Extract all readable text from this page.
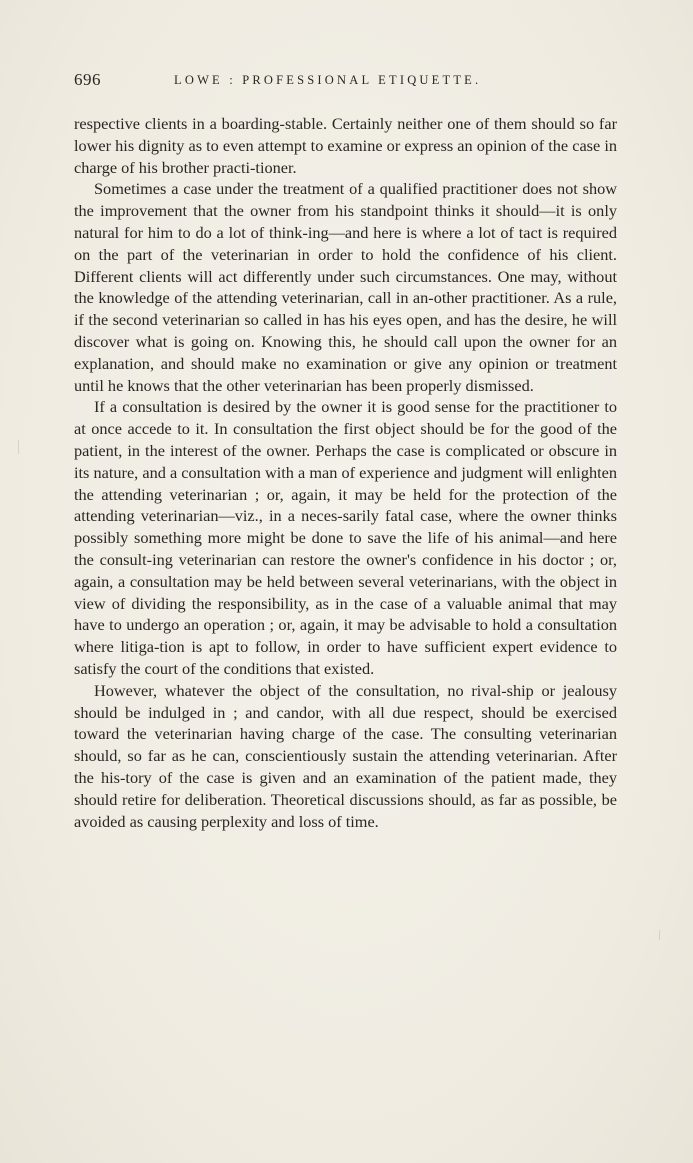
696	LOWE : PROFESSIONAL ETIQUETTE.

respective clients in a boarding-stable. Certainly neither one of them should so far lower his dignity as to even attempt to examine or express an opinion of the case in charge of his brother practi-tioner.

Sometimes a case under the treatment of a qualified practitioner does not show the improvement that the owner from his standpoint thinks it should—it is only natural for him to do a lot of think-ing—and here is where a lot of tact is required on the part of the veterinarian in order to hold the confidence of his client. Different clients will act differently under such circumstances. One may, without the knowledge of the attending veterinarian, call in an-other practitioner. As a rule, if the second veterinarian so called in has his eyes open, and has the desire, he will discover what is going on. Knowing this, he should call upon the owner for an explanation, and should make no examination or give any opinion or treatment until he knows that the other veterinarian has been properly dismissed.

If a consultation is desired by the owner it is good sense for the practitioner to at once accede to it. In consultation the first object should be for the good of the patient, in the interest of the owner. Perhaps the case is complicated or obscure in its nature, and a consultation with a man of experience and judgment will enlighten the attending veterinarian ; or, again, it may be held for the protection of the attending veterinarian—viz., in a neces-sarily fatal case, where the owner thinks possibly something more might be done to save the life of his animal—and here the consult-ing veterinarian can restore the owner's confidence in his doctor ; or, again, a consultation may be held between several veterinarians, with the object in view of dividing the responsibility, as in the case of a valuable animal that may have to undergo an operation ; or, again, it may be advisable to hold a consultation where litiga-tion is apt to follow, in order to have sufficient expert evidence to satisfy the court of the conditions that existed.

However, whatever the object of the consultation, no rival-ship or jealousy should be indulged in ; and candor, with all due respect, should be exercised toward the veterinarian having charge of the case. The consulting veterinarian should, so far as he can, conscientiously sustain the attending veterinarian. After the his-tory of the case is given and an examination of the patient made, they should retire for deliberation. Theoretical discussions should, as far as possible, be avoided as causing perplexity and loss of time.
